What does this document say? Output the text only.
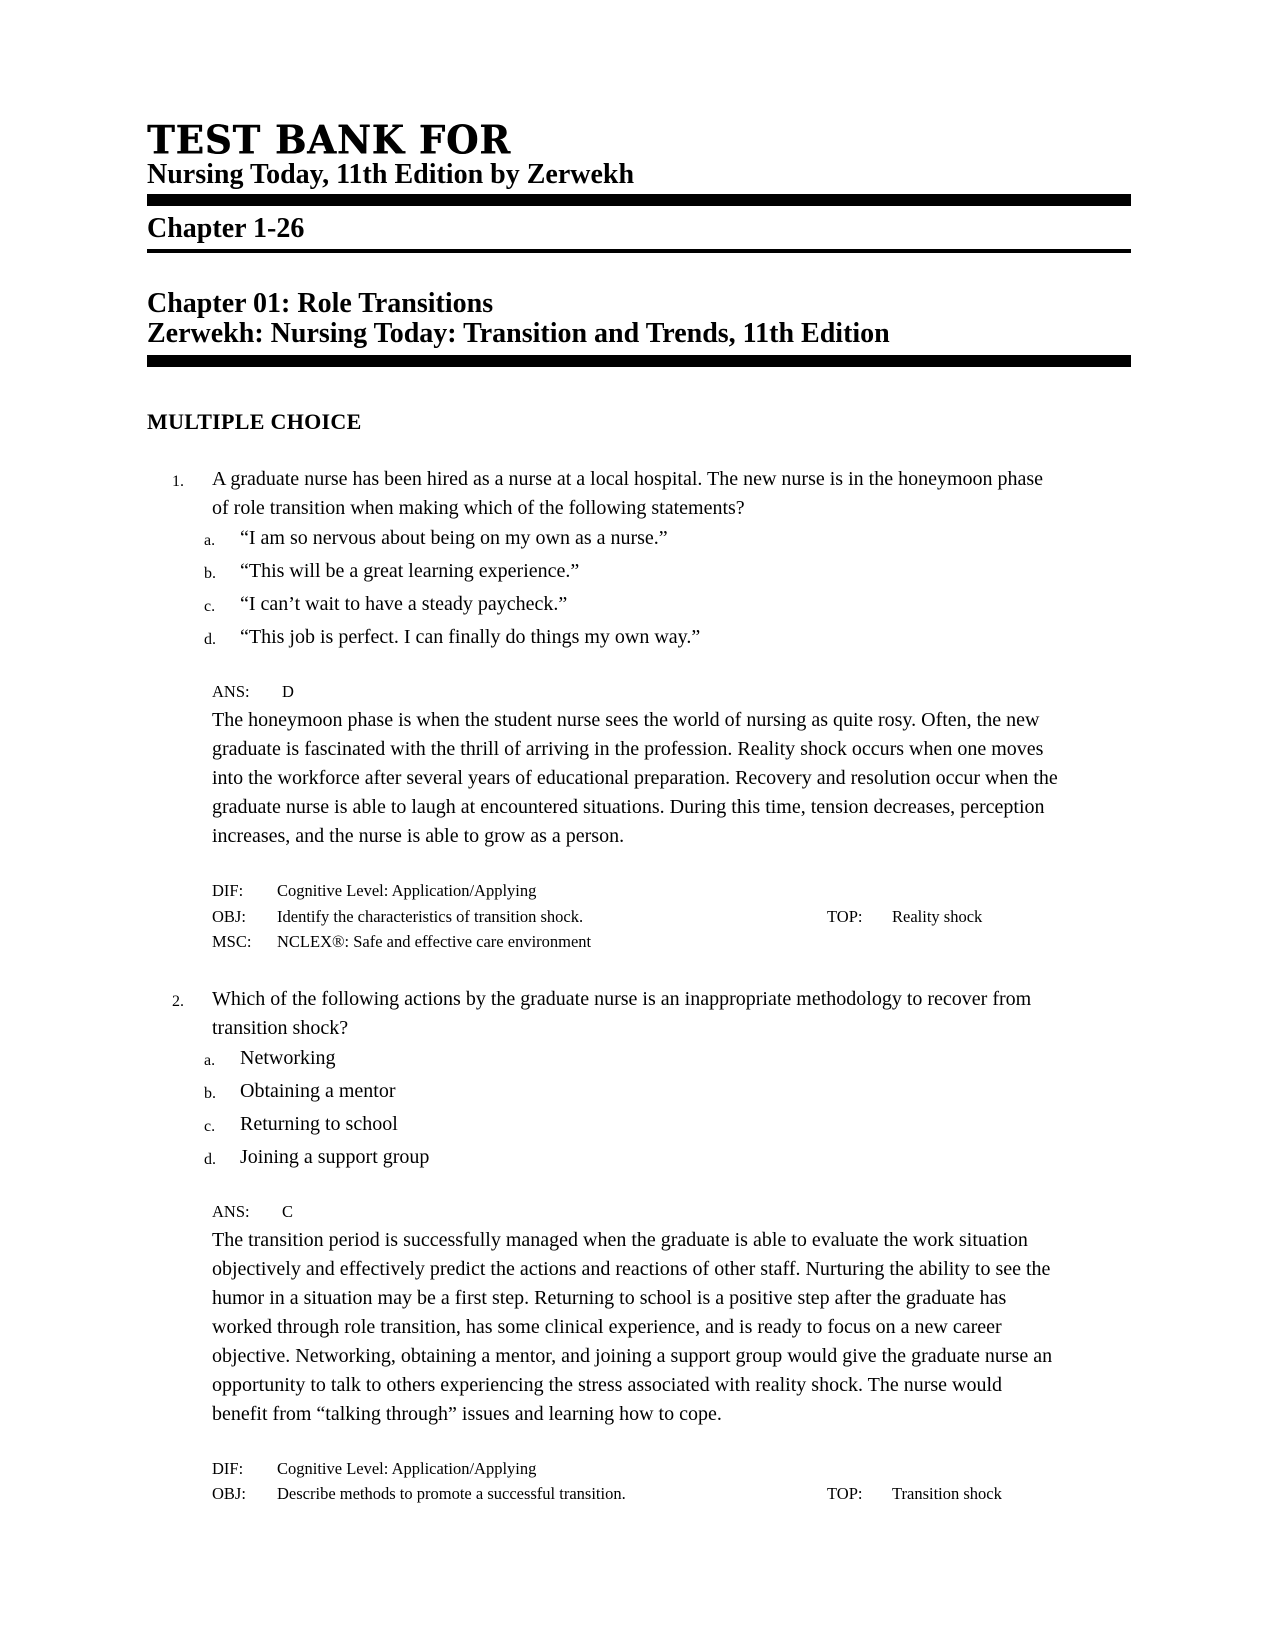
TEST BANK FOR
Nursing Today, 11th Edition by Zerwekh
Chapter 1-26
Chapter 01: Role Transitions
Zerwekh: Nursing Today: Transition and Trends, 11th Edition
MULTIPLE CHOICE
1.	A graduate nurse has been hired as a nurse at a local hospital. The new nurse is in the honeymoon phase of role transition when making which of the following statements?
a.	“I am so nervous about being on my own as a nurse.”
b.	“This will be a great learning experience.”
c.	“I can’t wait to have a steady paycheck.”
d.	“This job is perfect. I can finally do things my own way.”
ANS: D
The honeymoon phase is when the student nurse sees the world of nursing as quite rosy. Often, the new graduate is fascinated with the thrill of arriving in the profession. Reality shock occurs when one moves into the workforce after several years of educational preparation. Recovery and resolution occur when the graduate nurse is able to laugh at encountered situations. During this time, tension decreases, perception increases, and the nurse is able to grow as a person.
DIF: Cognitive Level: Application/Applying
OBJ: Identify the characteristics of transition shock.	TOP: Reality shock
MSC: NCLEX®: Safe and effective care environment
2.	Which of the following actions by the graduate nurse is an inappropriate methodology to recover from transition shock?
a.	Networking
b.	Obtaining a mentor
c.	Returning to school
d.	Joining a support group
ANS: C
The transition period is successfully managed when the graduate is able to evaluate the work situation objectively and effectively predict the actions and reactions of other staff. Nurturing the ability to see the humor in a situation may be a first step. Returning to school is a positive step after the graduate has worked through role transition, has some clinical experience, and is ready to focus on a new career objective. Networking, obtaining a mentor, and joining a support group would give the graduate nurse an opportunity to talk to others experiencing the stress associated with reality shock. The nurse would benefit from “talking through” issues and learning how to cope.
DIF: Cognitive Level: Application/Applying
OBJ: Describe methods to promote a successful transition.	TOP: Transition shock
